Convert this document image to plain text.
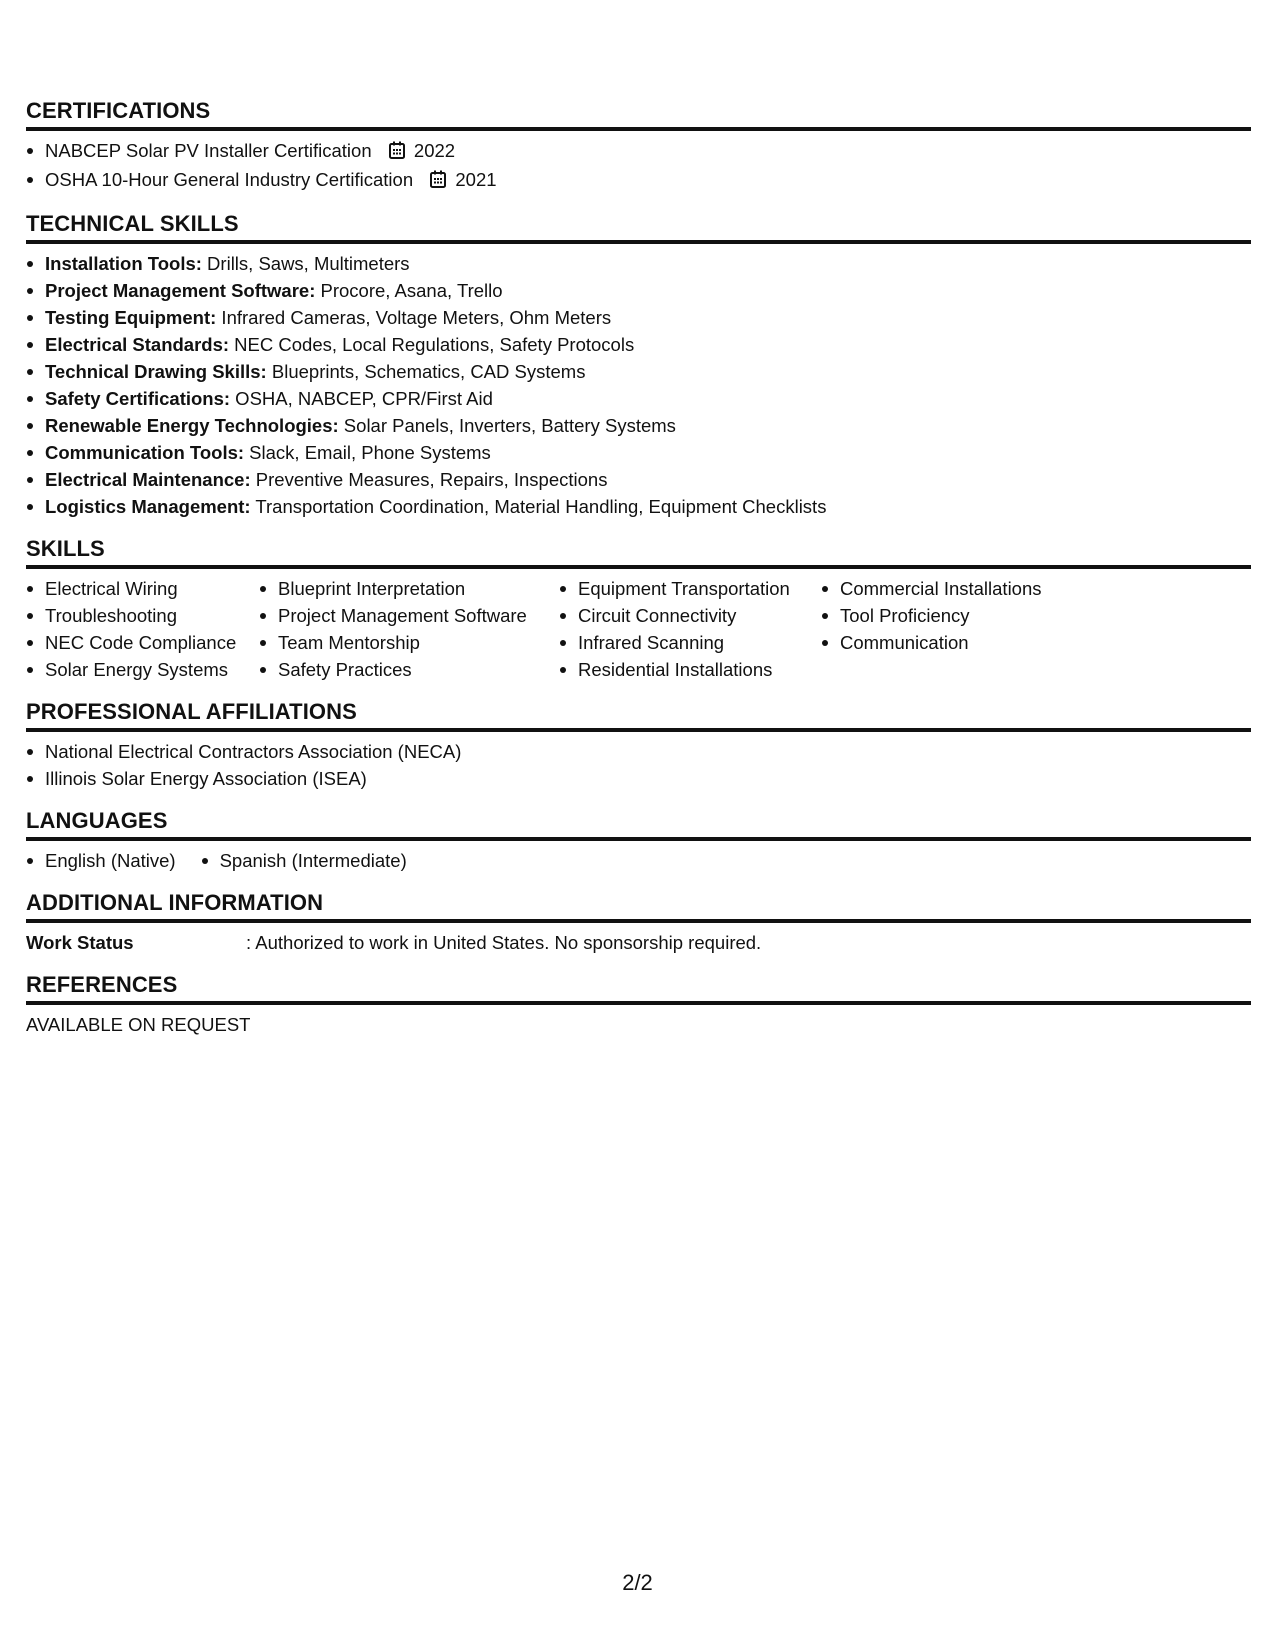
CERTIFICATIONS
NABCEP Solar PV Installer Certification 2022
OSHA 10-Hour General Industry Certification 2021
TECHNICAL SKILLS
Installation Tools: Drills, Saws, Multimeters
Project Management Software: Procore, Asana, Trello
Testing Equipment: Infrared Cameras, Voltage Meters, Ohm Meters
Electrical Standards: NEC Codes, Local Regulations, Safety Protocols
Technical Drawing Skills: Blueprints, Schematics, CAD Systems
Safety Certifications: OSHA, NABCEP, CPR/First Aid
Renewable Energy Technologies: Solar Panels, Inverters, Battery Systems
Communication Tools: Slack, Email, Phone Systems
Electrical Maintenance: Preventive Measures, Repairs, Inspections
Logistics Management: Transportation Coordination, Material Handling, Equipment Checklists
SKILLS
Electrical Wiring
Troubleshooting
NEC Code Compliance
Solar Energy Systems
Blueprint Interpretation
Project Management Software
Team Mentorship
Safety Practices
Equipment Transportation
Circuit Connectivity
Infrared Scanning
Residential Installations
Commercial Installations
Tool Proficiency
Communication
PROFESSIONAL AFFILIATIONS
National Electrical Contractors Association (NECA)
Illinois Solar Energy Association (ISEA)
LANGUAGES
English (Native)	Spanish (Intermediate)
ADDITIONAL INFORMATION
Work Status	: Authorized to work in United States. No sponsorship required.
REFERENCES
AVAILABLE ON REQUEST
2/2
